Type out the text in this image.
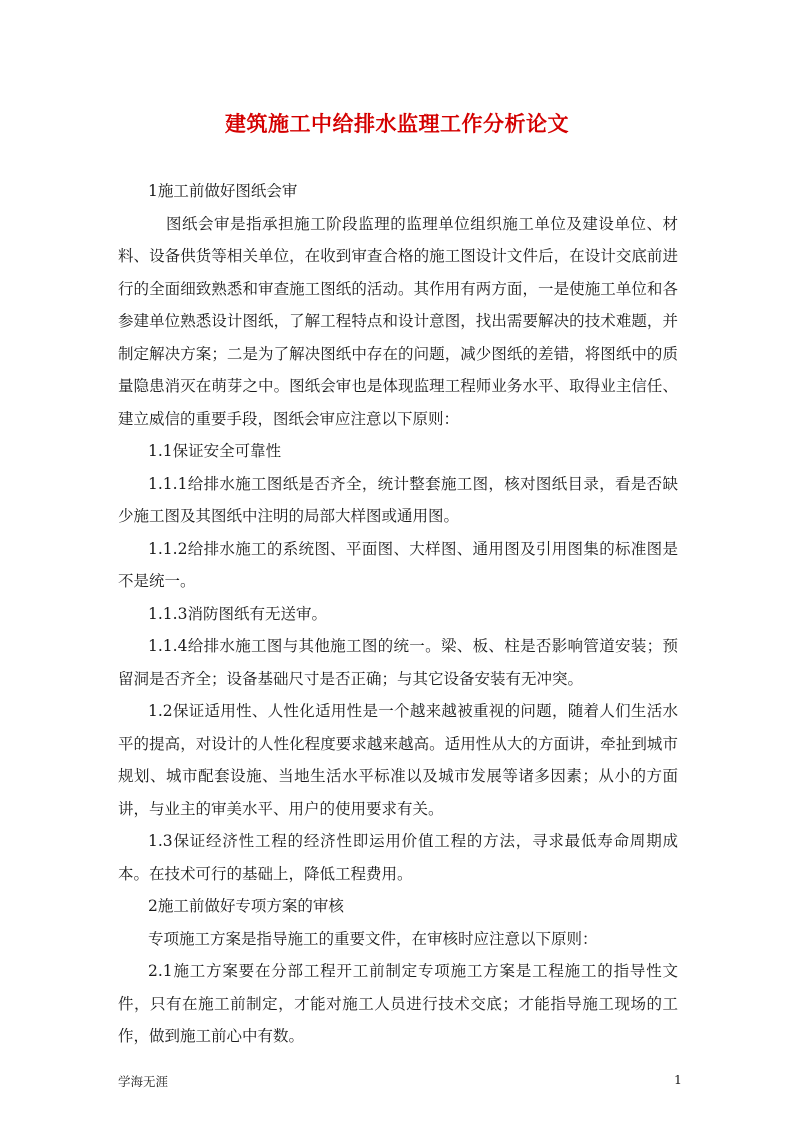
建筑施工中给排水监理工作分析论文

1施工前做好图纸会审

图纸会审是指承担施工阶段监理的监理单位组织施工单位及建设单位、材料、设备供货等相关单位，在收到审查合格的施工图设计文件后，在设计交底前进行的全面细致熟悉和审查施工图纸的活动。其作用有两方面，一是使施工单位和各参建单位熟悉设计图纸，了解工程特点和设计意图，找出需要解决的技术难题，并制定解决方案；二是为了解决图纸中存在的问题，减少图纸的差错，将图纸中的质量隐患消灭在萌芽之中。图纸会审也是体现监理工程师业务水平、取得业主信任、建立威信的重要手段，图纸会审应注意以下原则：

1.1保证安全可靠性

1.1.1给排水施工图纸是否齐全，统计整套施工图，核对图纸目录，看是否缺少施工图及其图纸中注明的局部大样图或通用图。

1.1.2给排水施工的系统图、平面图、大样图、通用图及引用图集的标准图是不是统一。

1.1.3消防图纸有无送审。

1.1.4给排水施工图与其他施工图的统一。梁、板、柱是否影响管道安装；预留洞是否齐全；设备基础尺寸是否正确；与其它设备安装有无冲突。

1.2保证适用性、人性化适用性是一个越来越被重视的问题，随着人们生活水平的提高，对设计的人性化程度要求越来越高。适用性从大的方面讲，牵扯到城市规划、城市配套设施、当地生活水平标准以及城市发展等诸多因素；从小的方面讲，与业主的审美水平、用户的使用要求有关。

1.3保证经济性工程的经济性即运用价值工程的方法，寻求最低寿命周期成本。在技术可行的基础上，降低工程费用。

2施工前做好专项方案的审核

专项施工方案是指导施工的重要文件，在审核时应注意以下原则：

2.1施工方案要在分部工程开工前制定专项施工方案是工程施工的指导性文件，只有在施工前制定，才能对施工人员进行技术交底；才能指导施工现场的工作，做到施工前心中有数。

学海无涯	1
